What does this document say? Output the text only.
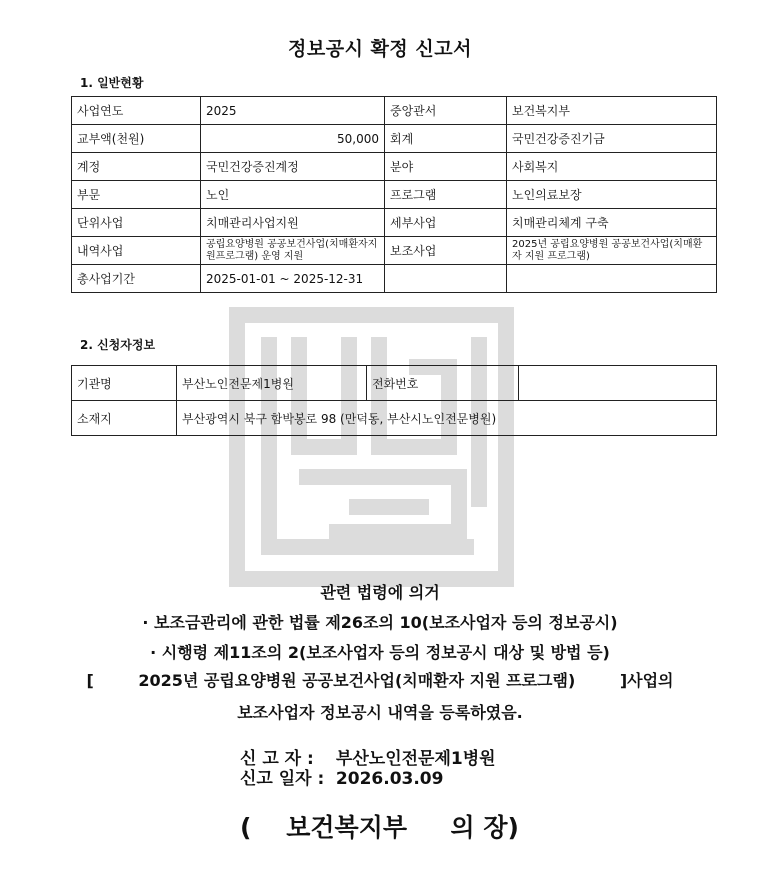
정보공시 확정 신고서
1. 일반현황
사업연도	2025	중앙관서	보건복지부
교부액(천원)	50,000	회계	국민건강증진기금
계정	국민건강증진계정	분야	사회복지
부문	노인	프로그램	노인의료보장
단위사업	치매관리사업지원	세부사업	치매관리체계 구축
내역사업	공립요양병원 공공보건사업(치매환자지원프로그램) 운영 지원	보조사업	2025년 공립요양병원 공공보건사업(치매환자 지원 프로그램)
총사업기간	2025-01-01 ~ 2025-12-31		
2. 신청자정보
기관명	부산노인전문제1병원	전화번호	
소재지	부산광역시 북구 함박봉로 98 (만덕동, 부산시노인전문병원)		
관련 법령에 의거
· 보조금관리에 관한 법률 제26조의 10(보조사업자 등의 정보공시)
· 시행령 제11조의 2(보조사업자 등의 정보공시 대상 및 방법 등)
[        2025년 공립요양병원 공공보건사업(치매환자 지원 프로그램)        ]사업의
보조사업자 정보공시 내역을 등록하였음.
신 고 자 : 부산노인전문제1병원
신고 일자 : 2026.03.09
(    보건복지부     의 장)
